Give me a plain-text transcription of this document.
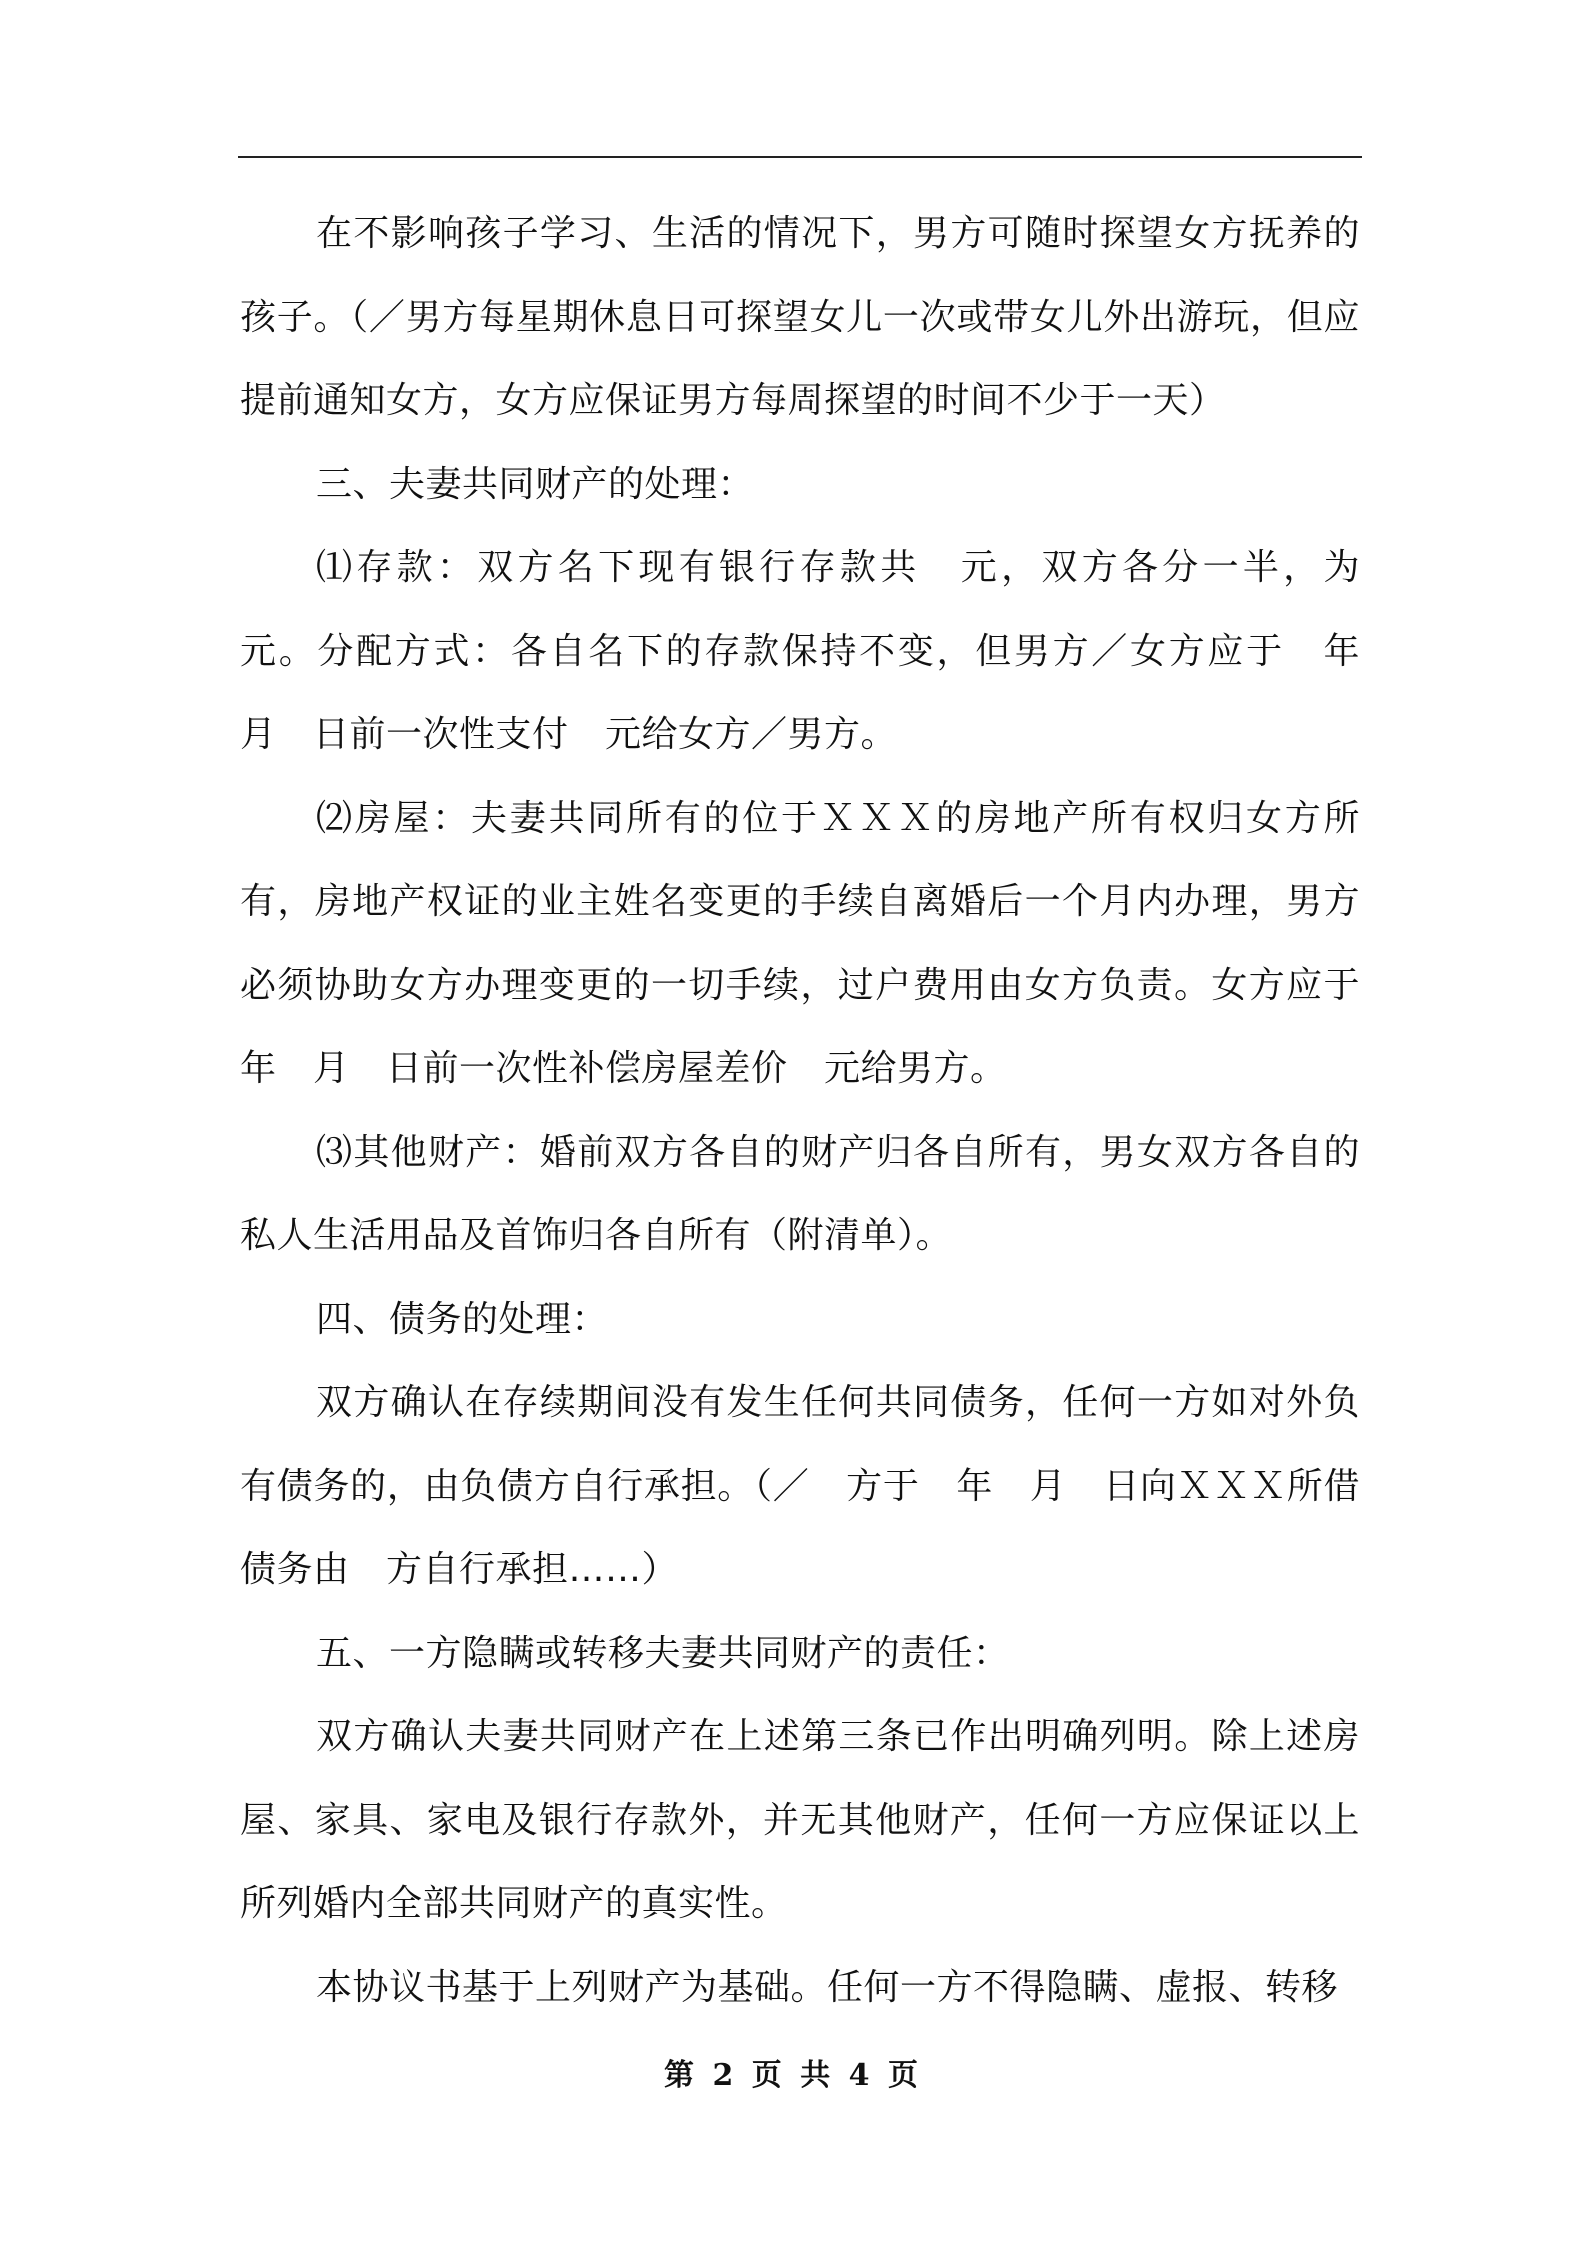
在不影响孩子学习、生活的情况下，男方可随时探望女方抚养的孩子。（／男方每星期休息日可探望女儿一次或带女儿外出游玩，但应提前通知女方，女方应保证男方每周探望的时间不少于一天）

三、夫妻共同财产的处理：

⑴存款：双方名下现有银行存款共　元，双方各分一半，为　元。分配方式：各自名下的存款保持不变，但男方／女方应于　年　月　日前一次性支付　元给女方／男方。

⑵房屋：夫妻共同所有的位于ＸＸＸ的房地产所有权归女方所有，房地产权证的业主姓名变更的手续自离婚后一个月内办理，男方必须协助女方办理变更的一切手续，过户费用由女方负责。女方应于　年　月　日前一次性补偿房屋差价　元给男方。

⑶其他财产：婚前双方各自的财产归各自所有，男女双方各自的私人生活用品及首饰归各自所有（附清单）。

四、债务的处理：

双方确认在存续期间没有发生任何共同债务，任何一方如对外负有债务的，由负债方自行承担。（／　方于　年　月　日向ＸＸＸ所借债务由　方自行承担……）

五、一方隐瞒或转移夫妻共同财产的责任：

双方确认夫妻共同财产在上述第三条已作出明确列明。除上述房屋、家具、家电及银行存款外，并无其他财产，任何一方应保证以上所列婚内全部共同财产的真实性。

本协议书基于上列财产为基础。任何一方不得隐瞒、虚报、转移

第 2 页 共 4 页
